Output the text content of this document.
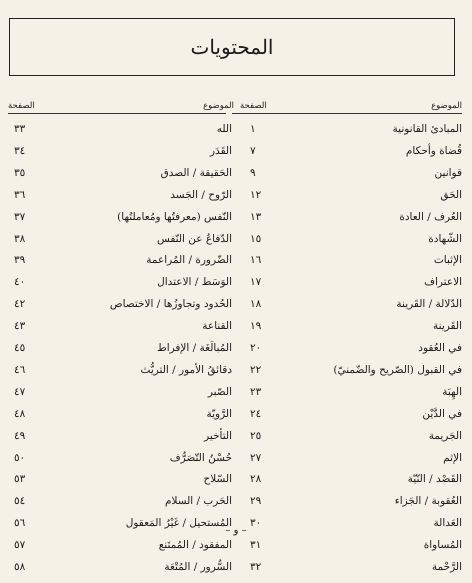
المحتويات
الموضوع
الصفحة
الموضوع
الصفحة
المبادئ القانونية
١
قُضاة وأحكام
٧
قوانين
٩
الحَق
١٢
العُرف / العادة
١٣
الشّهادة
١٥
الإثبات
١٦
الاعتراف
١٧
الدّلالة / القَرينة
١٨
القَرينة
١٩
في العُقود
٢٠
في القبول (الصّريح والضّمنيّ)
٢٢
الهِبَة
٢٣
في الدَّيْن
٢٤
الجَريمة
٢٥
الإثم
٢٧
القَصْد / النّيّة
٢٨
العُقوبة / الجَزاء
٢٩
العَدالة
٣٠
المُساواة
٣١
الرَّحْمة
٣٢
الله
٣٣
القَدَر
٣٤
الحَقيقة / الصدق
٣٥
الرّوح / الجَسد
٣٦
النّفس (معرفتُها ومُعاملتُها)
٣٧
الدّفاعُ عن النّفس
٣٨
الضّرورة / المُراعمة
٣٩
الوَسَط / الاعتدال
٤٠
الحُدود وتجاوزُها / الاختصاص
٤٢
القناعة
٤٣
المُبالَغَة / الإفراط
٤٥
دقائقُ الأمور / التريُّث
٤٦
الصّبر
٤٧
الرَّويّة
٤٨
التأخير
٤٩
حُسْنُ التّصَرُّف
٥٠
السّلاح
٥٣
الحَرب / السلام
٥٤
المُستحيل / غَيْرُ المَعقول
٥٦
المفقود / المُمتَنع
٥٧
السُّرور / المُتْعَة
٥٨
– و –
